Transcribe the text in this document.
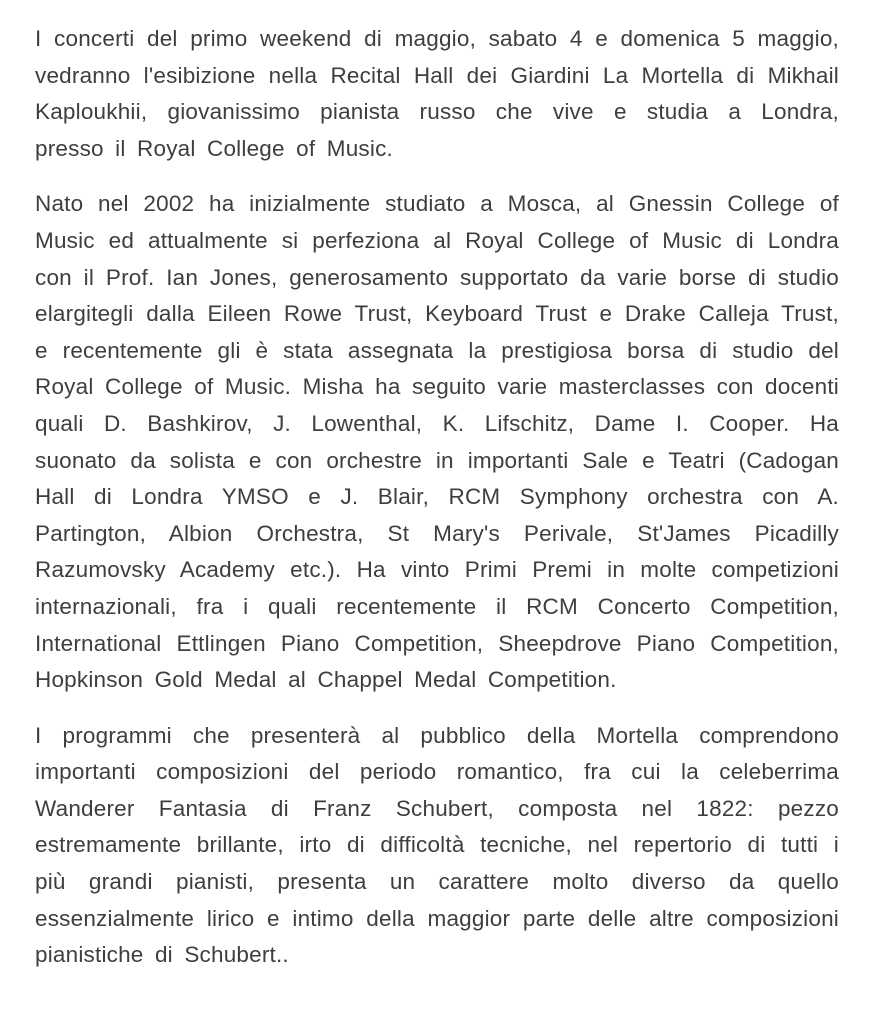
I concerti del primo weekend di maggio, sabato 4 e domenica 5 maggio, vedranno l'esibizione nella Recital Hall dei Giardini La Mortella di Mikhail Kaploukhii, giovanissimo pianista russo che vive e studia a Londra, presso il Royal College of Music.

Nato nel 2002 ha inizialmente studiato a Mosca, al Gnessin College of Music ed attualmente si perfeziona al Royal College of Music di Londra con il Prof. Ian Jones, generosamento supportato da varie borse di studio elargitegli dalla Eileen Rowe Trust, Keyboard Trust e Drake Calleja Trust, e recentemente gli è stata assegnata la prestigiosa borsa di studio del Royal College of Music. Misha ha seguito varie masterclasses con docenti quali D. Bashkirov, J. Lowenthal, K. Lifschitz, Dame I. Cooper. Ha suonato da solista e con orchestre in importanti Sale e Teatri (Cadogan Hall di Londra YMSO e J. Blair, RCM Symphony orchestra con A. Partington, Albion Orchestra, St Mary's Perivale, St'James Picadilly Razumovsky Academy etc.). Ha vinto Primi Premi in molte competizioni internazionali, fra i quali recentemente il RCM Concerto Competition, International Ettlingen Piano Competition, Sheepdrove Piano Competition, Hopkinson Gold Medal al Chappel Medal Competition.

I programmi che presenterà al pubblico della Mortella comprendono importanti composizioni del periodo romantico, fra cui la celeberrima Wanderer Fantasia di Franz Schubert, composta nel 1822: pezzo estremamente brillante, irto di difficoltà tecniche, nel repertorio di tutti i più grandi pianisti, presenta un carattere molto diverso da quello essenzialmente lirico e intimo della maggior parte delle altre composizioni pianistiche di Schubert..
